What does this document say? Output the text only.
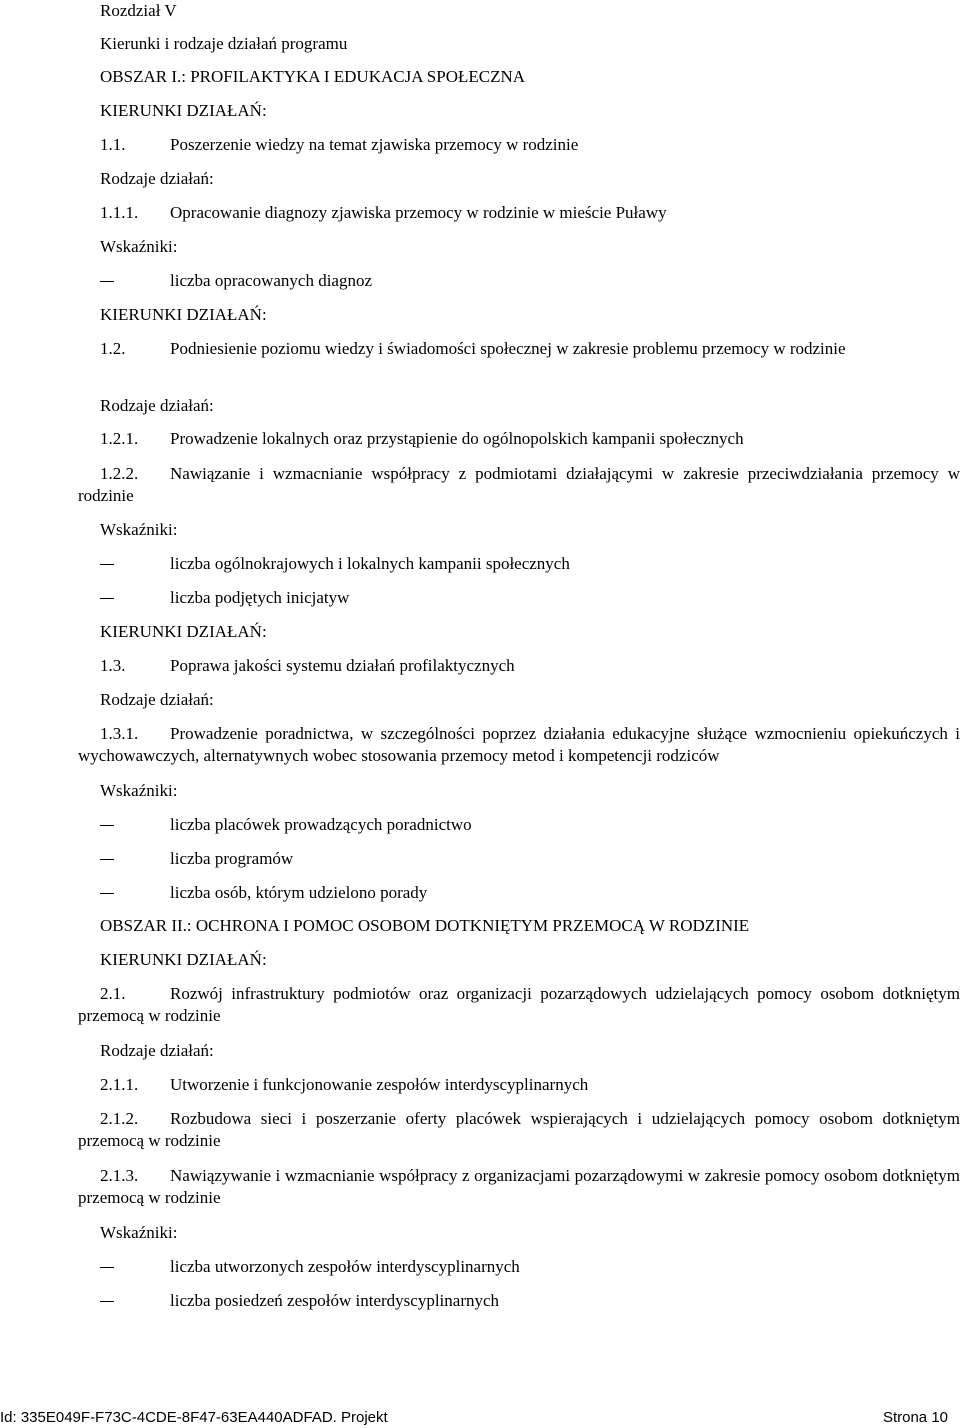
Rozdział V
Kierunki i rodzaje działań programu
OBSZAR I.: PROFILAKTYKA I EDUKACJA SPOŁECZNA
KIERUNKI DZIAŁAŃ:
1.1.	Poszerzenie wiedzy na temat zjawiska przemocy w rodzinie
Rodzaje działań:
1.1.1. Opracowanie diagnozy zjawiska przemocy w rodzinie w mieście Puławy
Wskaźniki:
liczba opracowanych diagnoz
KIERUNKI DZIAŁAŃ:
1.2.	Podniesienie poziomu wiedzy i świadomości społecznej w zakresie problemu przemocy w rodzinie
Rodzaje działań:
1.2.1. Prowadzenie lokalnych oraz przystąpienie do ogólnopolskich kampanii społecznych
1.2.2. Nawiązanie i wzmacnianie współpracy z podmiotami działającymi w zakresie przeciwdziałania przemocy w rodzinie
Wskaźniki:
liczba ogólnokrajowych i lokalnych kampanii społecznych
liczba podjętych inicjatyw
KIERUNKI DZIAŁAŃ:
1.3.	Poprawa jakości systemu działań profilaktycznych
Rodzaje działań:
1.3.1. Prowadzenie poradnictwa, w szczególności poprzez działania edukacyjne służące wzmocnieniu opiekuńczych i wychowawczych, alternatywnych wobec stosowania przemocy metod i kompetencji rodziców
Wskaźniki:
liczba placówek prowadzących poradnictwo
liczba programów
liczba osób, którym udzielono porady
OBSZAR II.: OCHRONA I POMOC OSOBOM DOTKNIĘTYM PRZEMOCĄ W RODZINIE
KIERUNKI DZIAŁAŃ:
2.1.	Rozwój infrastruktury podmiotów oraz organizacji pozarządowych udzielających pomocy osobom dotkniętym przemocą w rodzinie
Rodzaje działań:
2.1.1. Utworzenie i funkcjonowanie zespołów interdyscyplinarnych
2.1.2. Rozbudowa sieci i poszerzanie oferty placówek wspierających i udzielających pomocy osobom dotkniętym przemocą w rodzinie
2.1.3. Nawiązywanie i wzmacnianie współpracy z organizacjami pozarządowymi w zakresie pomocy osobom dotkniętym przemocą w rodzinie
Wskaźniki:
liczba utworzonych zespołów interdyscyplinarnych
liczba posiedzeń zespołów interdyscyplinarnych
Id: 335E049F-F73C-4CDE-8F47-63EA440ADFAD. Projekt	Strona 10
